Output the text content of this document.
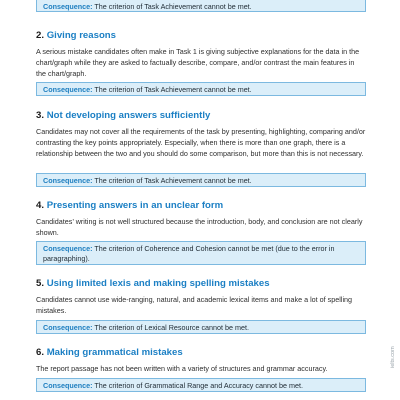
Consequence: The criterion of Task Achievement cannot be met.
2. Giving reasons
A serious mistake candidates often make in Task 1 is giving subjective explanations for the data in the chart/graph while they are asked to factually describe, compare, and/or contrast the main features in the chart/graph.
Consequence: The criterion of Task Achievement cannot be met.
3. Not developing answers sufficiently
Candidates may not cover all the requirements of the task by presenting, highlighting, comparing and/or contrasting the key points appropriately. Especially, when there is more than one graph, there is a relationship between the two and you should do some comparison, but more than this is not necessary.
Consequence: The criterion of Task Achievement cannot be met.
4. Presenting answers in an unclear form
Candidates’ writing is not well structured because the introduction, body, and conclusion are not clearly shown.
Consequence: The criterion of Coherence and Cohesion cannot be met (due to the error in paragraphing).
5. Using limited lexis and making spelling mistakes
Candidates cannot use wide-ranging, natural, and academic lexical items and make a lot of spelling mistakes.
Consequence: The criterion of Lexical Resource cannot be met.
6. Making grammatical mistakes
The report passage has not been written with a variety of structures and grammar accuracy.
Consequence: The criterion of Grammatical Range and Accuracy cannot be met.
ielts.com
